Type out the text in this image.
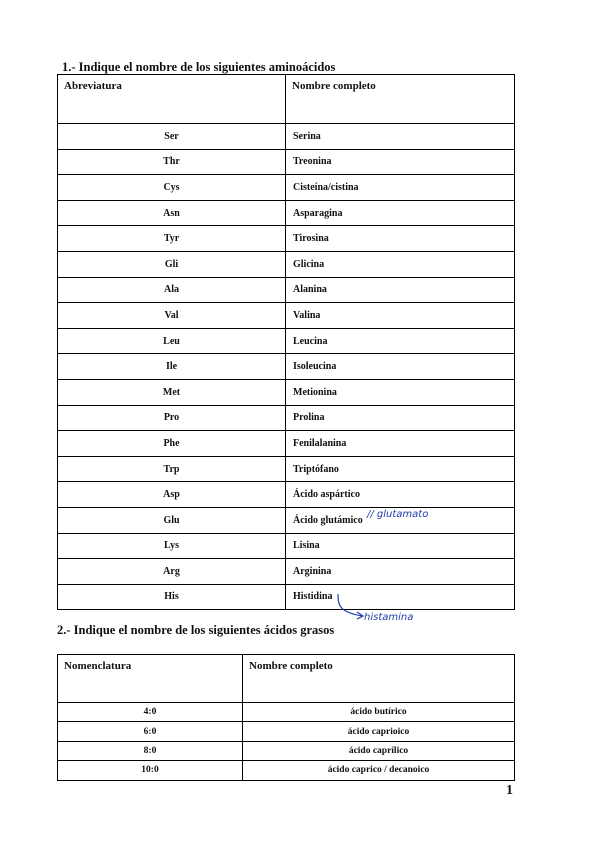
1.- Indique el nombre de los siguientes aminoácidos
Abreviatura	Nombre completo
Ser	Serina
Thr	Treonina
Cys	Cisteína/cistina
Asn	Asparagina
Tyr	Tirosina
Gli	Glicina
Ala	Alanina
Val	Valina
Leu	Leucina
Ile	Isoleucina
Met	Metionina
Pro	Prolina
Phe	Fenilalanina
Trp	Triptófano
Asp	Ácido aspártico
Glu	Ácido glutámico
Lys	Lisina
Arg	Arginina
His	Histidina
// glutamato
histamina
2.- Indique el nombre de los siguientes ácidos grasos
Nomenclatura	Nombre completo
4:0	ácido butírico
6:0	ácido caprioico
8:0	ácido caprílico
10:0	ácido caprico / decanoico
1
